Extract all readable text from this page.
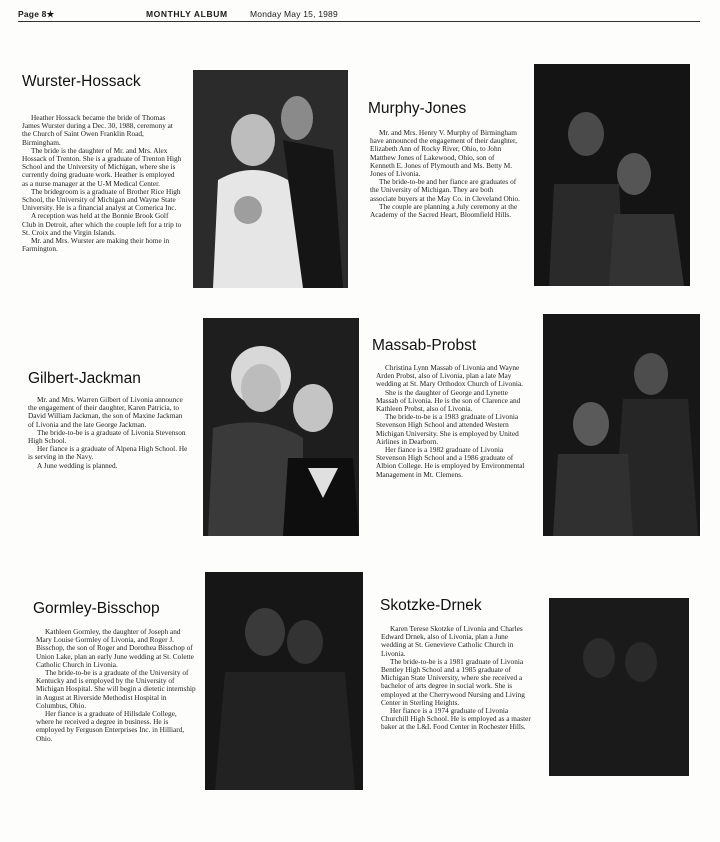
Page 8★	MONTHLY ALBUM	Monday May 15, 1989
Wurster-Hossack

Heather Hossack became the bride of Thomas James Wurster during a Dec. 30, 1988, ceremony at the Church of Saint Owen Franklin Road, Birmingham.

The bride is the daughter of Mr. and Mrs. Alex Hossack of Trenton. She is a graduate of Trenton High School and the University of Michigan, where she is currently doing graduate work. Heather is employed as a nurse manager at the U-M Medical Center.

The bridegroom is a graduate of Brother Rice High School, the University of Michigan and Wayne State University. He is a financial analyst at Comerica Inc.

A reception was held at the Bonnie Brook Golf Club in Detroit, after which the couple left for a trip to St. Croix and the Virgin Islands.

Mr. and Mrs. Wurster are making their home in Farmington.

Murphy-Jones

Mr. and Mrs. Henry V. Murphy of Birmingham have announced the engagement of their daughter, Elizabeth Ann of Rocky River, Ohio, to John Matthew Jones of Lakewood, Ohio, son of Kenneth E. Jones of Plymouth and Ms. Betty M. Jones of Livonia.

The bride-to-be and her fiance are graduates of the University of Michigan. They are both associate buyers at the May Co. in Cleveland Ohio.

The couple are planning a July ceremony at the Academy of the Sacred Heart, Bloomfield Hills.

Gilbert-Jackman

Mr. and Mrs. Warren Gilbert of Livonia announce the engagement of their daughter, Karen Patricia, to David William Jackman, the son of Maxine Jackman of Livonia and the late George Jackman.

The bride-to-be is a graduate of Livonia Stevenson High School.

Her fiance is a graduate of Alpena High School. He is serving in the Navy.

A June wedding is planned.

Massab-Probst

Christina Lynn Massab of Livonia and Wayne Arden Probst, also of Livonia, plan a late May wedding at St. Mary Orthodox Church of Livonia.

She is the daughter of George and Lynette Massab of Livonia. He is the son of Clarence and Kathleen Probst, also of Livonia.

The bride-to-be is a 1983 graduate of Livonia Stevenson High School and attended Western Michigan University. She is employed by United Airlines in Dearborn.

Her fiance is a 1982 graduate of Livonia Stevenson High School and a 1986 graduate of Albion College. He is employed by Environmental Management in Mt. Clemens.

Gormley-Bisschop

Kathleen Gormley, the daughter of Joseph and Mary Louise Gormley of Livonia, and Roger J. Bisschop, the son of Roger and Dorothea Bisschop of Union Lake, plan an early June wedding at St. Colette Catholic Church in Livonia.

The bride-to-be is a graduate of the University of Kentucky and is employed by the University of Michigan Hospital. She will begin a dietetic internship in August at Riverside Methodist Hospital in Columbus, Ohio.

Her fiance is a graduate of Hillsdale College, where he received a degree in business. He is employed by Ferguson Enterprises Inc. in Hilliard, Ohio.

Skotzke-Drnek

Karen Terese Skotzke of Livonia and Charles Edward Drnek, also of Livonia, plan a June wedding at St. Genevieve Catholic Church in Livonia.

The bride-to-be is a 1981 graduate of Livonia Bentley High School and a 1985 graduate of Michigan State University, where she received a bachelor of arts degree in social work. She is employed at the Cherrywood Nursing and Living Center in Sterling Heights.

Her fiance is a 1974 graduate of Livonia Churchill High School. He is employed as a master baker at the L&L Food Center in Rochester Hills.
